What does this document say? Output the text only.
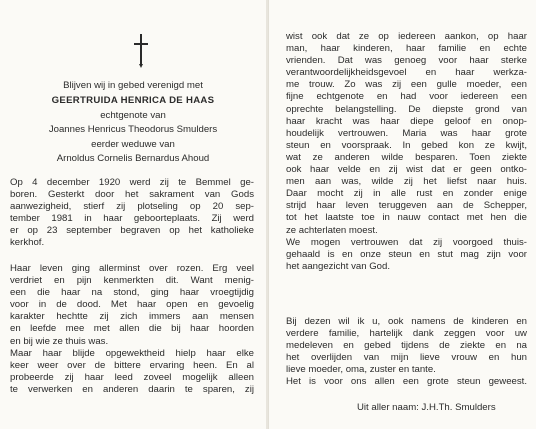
Blijven wij in gebed verenigd met
GEERTRUIDA HENRICA DE HAAS
echtgenote van
Joannes Henricus Theodorus Smulders
eerder weduwe van
Arnoldus Cornelis Bernardus Ahoud
Op 4 december 1920 werd zij te Bemmel ge-
boren. Gesterkt door het sakrament van Gods
aanwezigheid, stierf zij plotseling op 20 sep-
tember 1981 in haar geboorteplaats. Zij werd
er op 23 september begraven op het katholieke
kerkhof.
Haar leven ging allerminst over rozen. Erg veel
verdriet en pijn kenmerkten dit. Want menig-
een die haar na stond, ging haar vroegtijdig
voor in de dood. Met haar open en gevoelig
karakter hechtte zij zich immers aan mensen
en leefde mee met allen die bij haar hoorden
en bij wie ze thuis was.
Maar haar blijde opgewektheid hielp haar elke
keer weer over de bittere ervaring heen. En al
probeerde zij haar leed zoveel mogelijk alleen
te verwerken en anderen daarin te sparen, zij
wist ook dat ze op iedereen aankon, op haar
man, haar kinderen, haar familie en echte
vrienden. Dat was genoeg voor haar sterke
verantwoordelijkheidsgevoel en haar werkza-
me trouw. Zo was zij een gulle moeder, een
fijne echtgenote en had voor iedereen een
oprechte belangstelling. De diepste grond van
haar kracht was haar diepe geloof en onop-
houdelijk vertrouwen. Maria was haar grote
steun en voorspraak. In gebed kon ze kwijt,
wat ze anderen wilde besparen. Toen ziekte
ook haar velde en zij wist dat er geen ontko-
men aan was, wilde zij het liefst naar huis.
Daar mocht zij in alle rust en zonder enige
strijd haar leven teruggeven aan de Schepper,
tot het laatste toe in nauw contact met hen die
ze achterlaten moest.
We mogen vertrouwen dat zij voorgoed thuis-
gehaald is en onze steun en stut mag zijn voor
het aangezicht van God.
Bij dezen wil ik u, ook namens de kinderen en
verdere familie, hartelijk dank zeggen voor uw
medeleven en gebed tijdens de ziekte en na
het overlijden van mijn lieve vrouw en hun
lieve moeder, oma, zuster en tante.
Het is voor ons allen een grote steun geweest.
Uit aller naam: J.H.Th. Smulders
